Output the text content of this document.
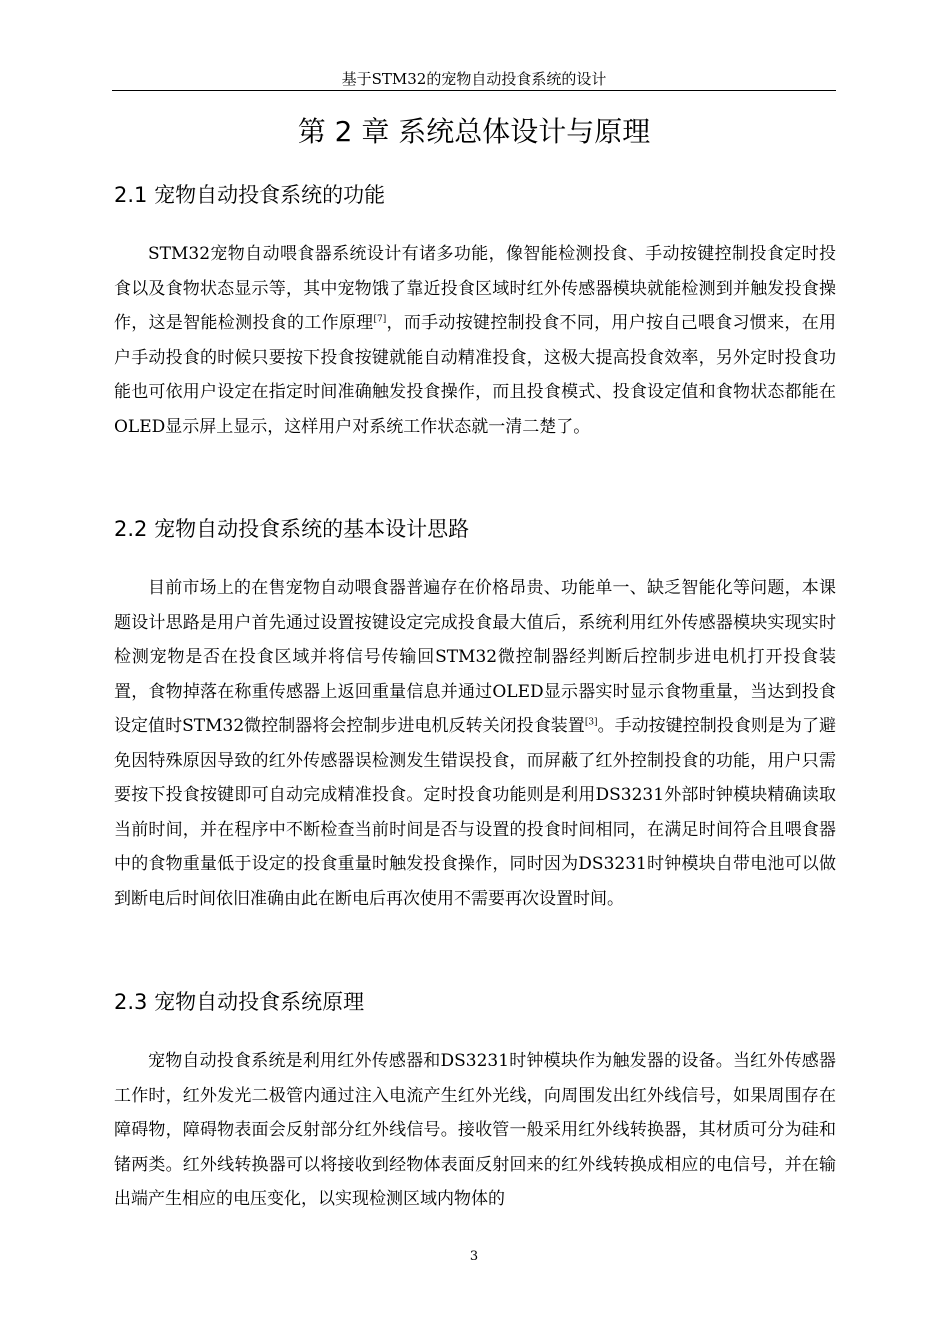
基于STM32的宠物自动投食系统的设计
第 2 章 系统总体设计与原理
2.1 宠物自动投食系统的功能

STM32宠物自动喂食器系统设计有诸多功能，像智能检测投食、手动按键控制投食定时投食以及食物状态显示等，其中宠物饿了靠近投食区域时红外传感器模块就能检测到并触发投食操作，这是智能检测投食的工作原理[7]，而手动按键控制投食不同，用户按自己喂食习惯来，在用户手动投食的时候只要按下投食按键就能自动精准投食，这极大提高投食效率，另外定时投食功能也可依用户设定在指定时间准确触发投食操作，而且投食模式、投食设定值和食物状态都能在OLED显示屏上显示，这样用户对系统工作状态就一清二楚了。

2.2 宠物自动投食系统的基本设计思路

目前市场上的在售宠物自动喂食器普遍存在价格昂贵、功能单一、缺乏智能化等问题，本课题设计思路是用户首先通过设置按键设定完成投食最大值后，系统利用红外传感器模块实现实时检测宠物是否在投食区域并将信号传输回STM32微控制器经判断后控制步进电机打开投食装置，食物掉落在称重传感器上返回重量信息并通过OLED显示器实时显示食物重量，当达到投食设定值时STM32微控制器将会控制步进电机反转关闭投食装置[3]。手动按键控制投食则是为了避免因特殊原因导致的红外传感器误检测发生错误投食，而屏蔽了红外控制投食的功能，用户只需要按下投食按键即可自动完成精准投食。定时投食功能则是利用DS3231外部时钟模块精确读取当前时间，并在程序中不断检查当前时间是否与设置的投食时间相同，在满足时间符合且喂食器中的食物重量低于设定的投食重量时触发投食操作，同时因为DS3231时钟模块自带电池可以做到断电后时间依旧准确由此在断电后再次使用不需要再次设置时间。

2.3 宠物自动投食系统原理

宠物自动投食系统是利用红外传感器和DS3231时钟模块作为触发器的设备。当红外传感器工作时，红外发光二极管内通过注入电流产生红外光线，向周围发出红外线信号，如果周围存在障碍物，障碍物表面会反射部分红外线信号。接收管一般采用红外线转换器，其材质可分为硅和锗两类。红外线转换器可以将接收到经物体表面反射回来的红外线转换成相应的电信号，并在输出端产生相应的电压变化，以实现检测区域内物体的

3
